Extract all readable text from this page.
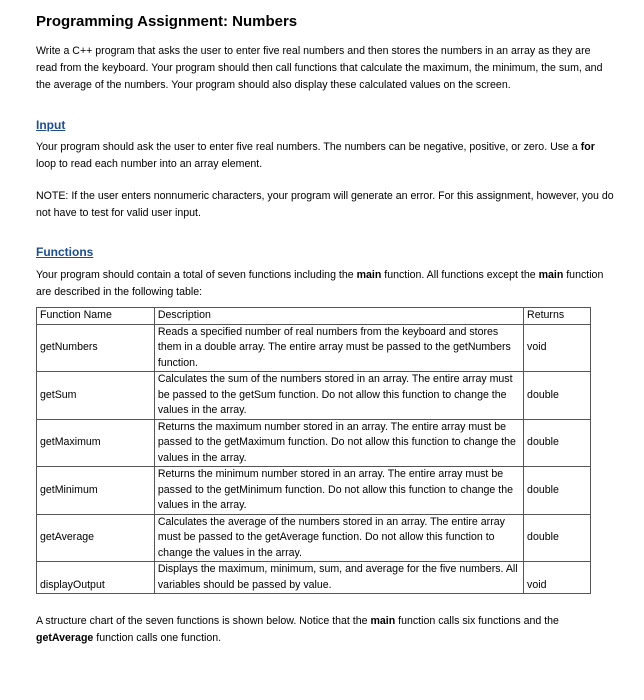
Programming Assignment: Numbers

Write a C++ program that asks the user to enter five real numbers and then stores the numbers in an array as they are read from the keyboard. Your program should then call functions that calculate the maximum, the minimum, the sum, and the average of the numbers. Your program should also display these calculated values on the screen.

Input

Your program should ask the user to enter five real numbers. The numbers can be negative, positive, or zero. Use a for loop to read each number into an array element.

NOTE: If the user enters nonnumeric characters, your program will generate an error. For this assignment, however, you do not have to test for valid user input.

Functions

Your program should contain a total of seven functions including the main function. All functions except the main function are described in the following table:

Function Name	Description	Returns
getNumbers	Reads a specified number of real numbers from the keyboard and stores them in a double array. The entire array must be passed to the getNumbers function.	void
getSum	Calculates the sum of the numbers stored in an array. The entire array must be passed to the getSum function. Do not allow this function to change the values in the array.	double
getMaximum	Returns the maximum number stored in an array. The entire array must be passed to the getMaximum function. Do not allow this function to change the values in the array.	double
getMinimum	Returns the minimum number stored in an array. The entire array must be passed to the getMinimum function. Do not allow this function to change the values in the array.	double
getAverage	Calculates the average of the numbers stored in an array. The entire array must be passed to the getAverage function. Do not allow this function to change the values in the array.	double
displayOutput	Displays the maximum, minimum, sum, and average for the five numbers. All variables should be passed by value.	void

A structure chart of the seven functions is shown below. Notice that the main function calls six functions and the getAverage function calls one function.
